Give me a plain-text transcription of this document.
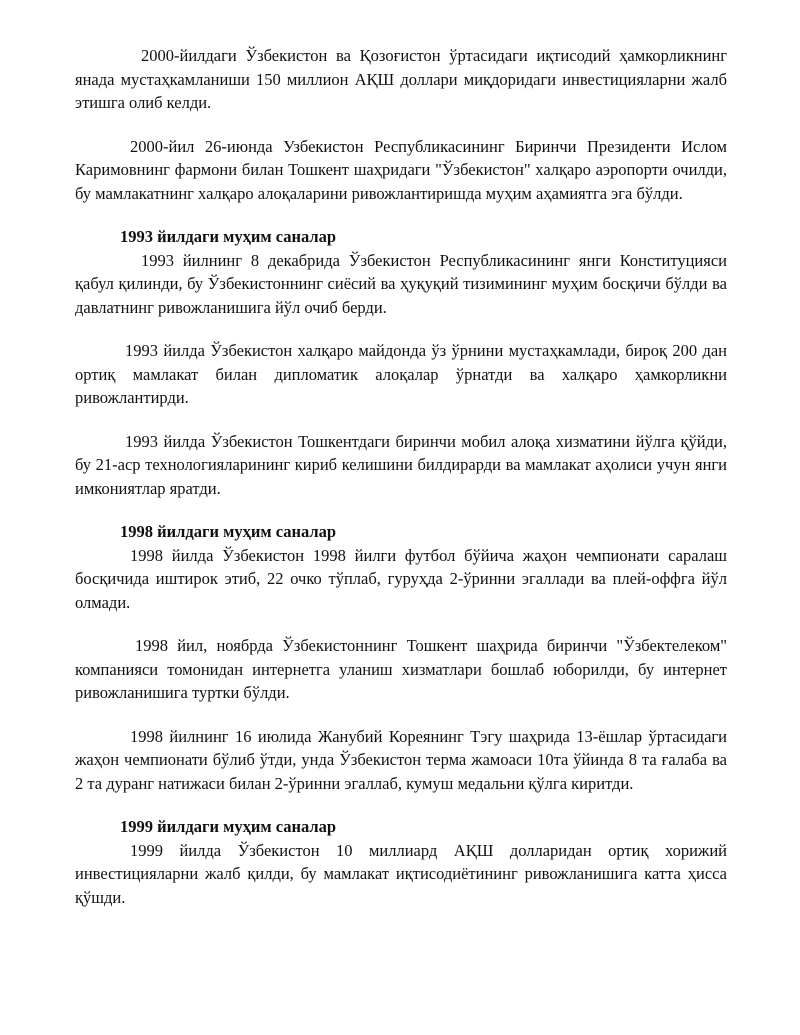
2000-йилдаги Ўзбекистон ва Қозоғистон ўртасидаги иқтисодий ҳамкорликнинг янада мустаҳкамланиши 150 миллион АҚШ доллари миқдоридаги инвестицияларни жалб этишга олиб келди.

2000-йил 26-июнда Узбекистон Республикасининг Биринчи Президенти Ислом Каримовнинг фармони билан Тошкент шаҳридаги "Ўзбекистон" халқаро аэропорти очилди, бу мамлакатнинг халқаро алоқаларини ривожлантиришда муҳим аҳамиятга эга бўлди.

1993 йилдаги муҳим саналар

1993 йилнинг 8 декабрида Ўзбекистон Республикасининг янги Конституцияси қабул қилинди, бу Ўзбекистоннинг сиёсий ва ҳуқуқий тизимининг муҳим босқичи бўлди ва давлатнинг ривожланишига йўл очиб берди.

1993 йилда Ўзбекистон халқаро майдонда ўз ўрнини мустаҳкамлади, бироқ 200 дан ортиқ мамлакат билан дипломатик алоқалар ўрнатди ва халқаро ҳамкорликни ривожлантирди.

1993 йилда Ўзбекистон Тошкентдаги биринчи мобил алоқа хизматини йўлга қўйди, бу 21-аср технологияларининг кириб келишини билдирарди ва мамлакат аҳолиси учун янги имкониятлар яратди.

1998 йилдаги муҳим саналар

1998 йилда Ўзбекистон 1998 йилги футбол бўйича жаҳон чемпионати саралаш босқичида иштирок этиб, 22 очко тўплаб, гуруҳда 2-ўринни эгаллади ва плей-оффга йўл олмади.

1998 йил, ноябрда Ўзбекистоннинг Тошкент шаҳрида биринчи "Ўзбектелеком" компанияси томонидан интернетга уланиш хизматлари бошлаб юборилди, бу интернет ривожланишига туртки бўлди.

1998 йилнинг 16 июлида Жанубий Кореянинг Тэгу шаҳрида 13-ёшлар ўртасидаги жаҳон чемпионати бўлиб ўтди, унда Ўзбекистон терма жамоаси 10та ўйинда 8 та ғалаба ва 2 та дуранг натижаси билан 2-ўринни эгаллаб, кумуш медальни қўлга киритди.

1999 йилдаги муҳим саналар

1999 йилда Ўзбекистон 10 миллиард АҚШ долларидан ортиқ хорижий инвестицияларни жалб қилди, бу мамлакат иқтисодиётининг ривожланишига катта ҳисса қўшди.
